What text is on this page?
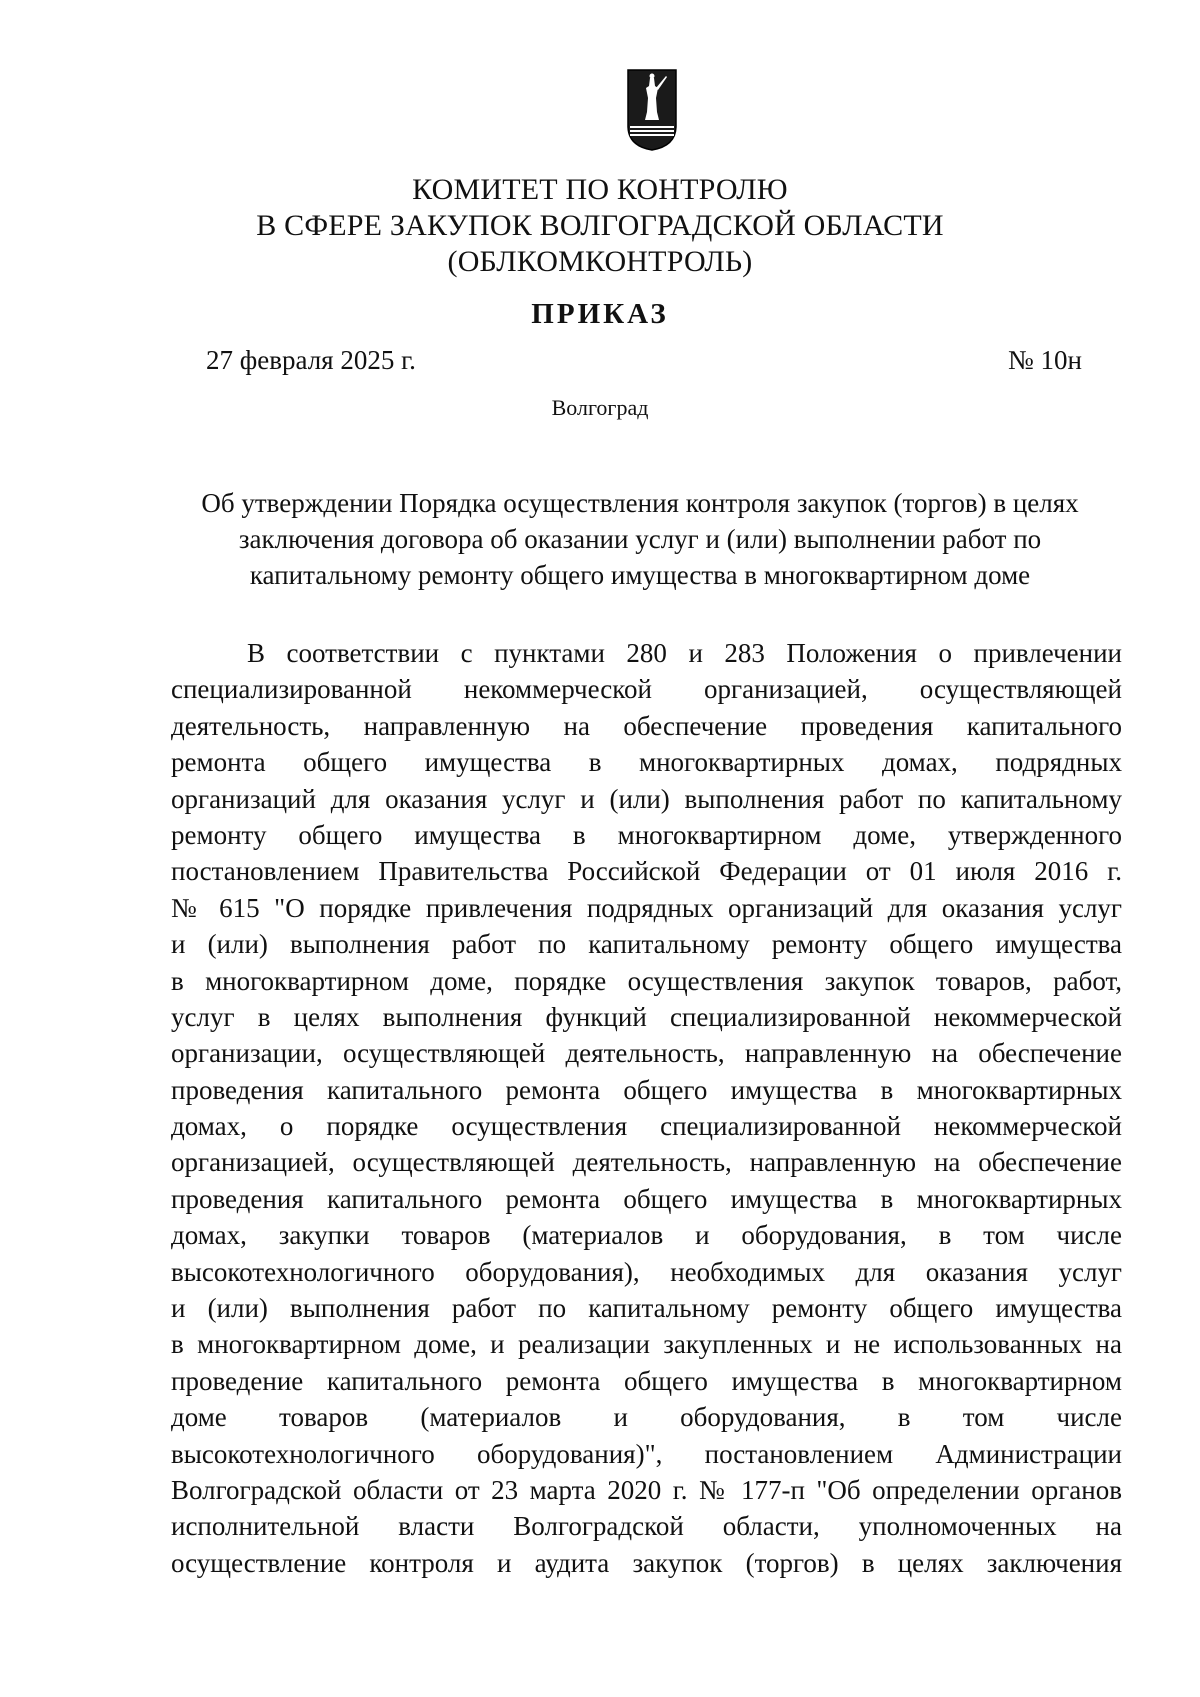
КОМИТЕТ ПО КОНТРОЛЮ
В СФЕРЕ ЗАКУПОК ВОЛГОГРАДСКОЙ ОБЛАСТИ
(ОБЛКОМКОНТРОЛЬ)
ПРИКАЗ
27 февраля 2025 г.	№ 10н
Волгоград
Об утверждении Порядка осуществления контроля закупок (торгов) в целях
заключения договора об оказании услуг и (или) выполнении работ по
капитальному ремонту общего имущества в многоквартирном доме
В соответствии с пунктами 280 и 283 Положения о привлечении
специализированной некоммерческой организацией, осуществляющей
деятельность, направленную на обеспечение проведения капитального
ремонта общего имущества в многоквартирных домах, подрядных
организаций для оказания услуг и (или) выполнения работ по капитальному
ремонту общего имущества в многоквартирном доме, утвержденного
постановлением Правительства Российской Федерации от 01 июля 2016 г.
№ 615 "О порядке привлечения подрядных организаций для оказания услуг
и (или) выполнения работ по капитальному ремонту общего имущества
в многоквартирном доме, порядке осуществления закупок товаров, работ,
услуг в целях выполнения функций специализированной некоммерческой
организации, осуществляющей деятельность, направленную на обеспечение
проведения капитального ремонта общего имущества в многоквартирных
домах, о порядке осуществления специализированной некоммерческой
организацией, осуществляющей деятельность, направленную на обеспечение
проведения капитального ремонта общего имущества в многоквартирных
домах, закупки товаров (материалов и оборудования, в том числе
высокотехнологичного оборудования), необходимых для оказания услуг
и (или) выполнения работ по капитальному ремонту общего имущества
в многоквартирном доме, и реализации закупленных и не использованных на
проведение капитального ремонта общего имущества в многоквартирном
доме товаров (материалов и оборудования, в том числе
высокотехнологичного оборудования)", постановлением Администрации
Волгоградской области от 23 марта 2020 г. № 177-п "Об определении органов
исполнительной власти Волгоградской области, уполномоченных на
осуществление контроля и аудита закупок (торгов) в целях заключения
